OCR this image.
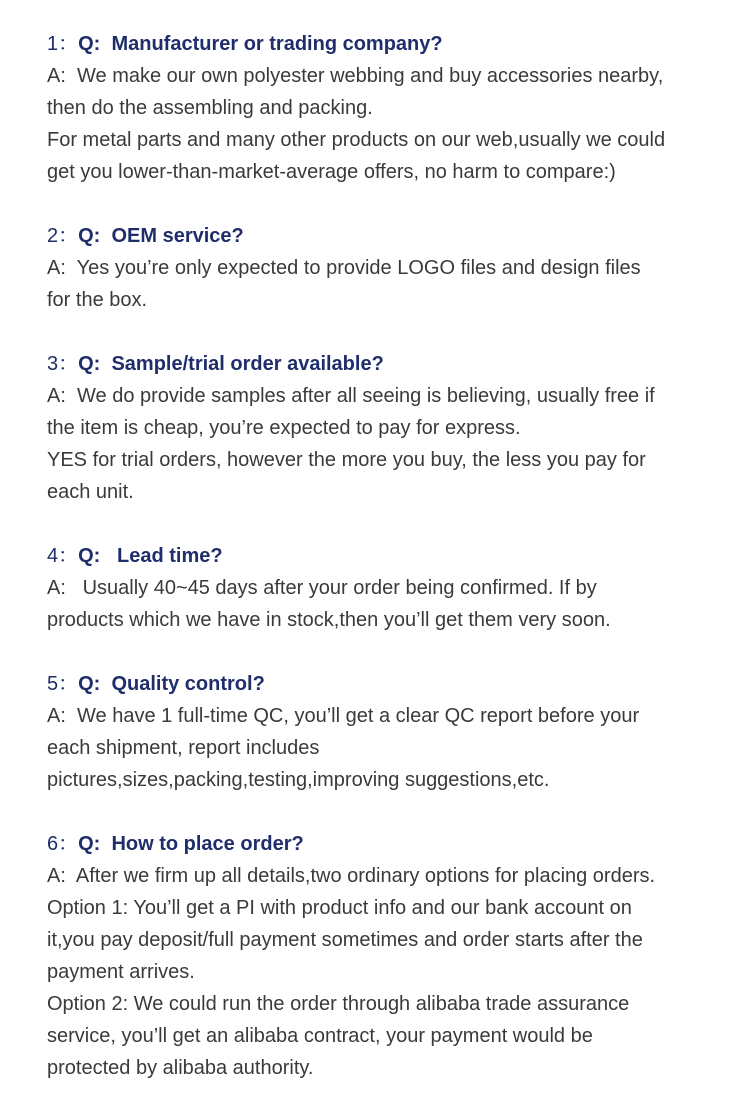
1：Q:  Manufacturer or trading company?
A:  We make our own polyester webbing and buy accessories nearby,
then do the assembling and packing.
For metal parts and many other products on our web,usually we could
get you lower-than-market-average offers, no harm to compare:)
2：Q:  OEM service?
A:  Yes you’re only expected to provide LOGO files and design files
for the box.
3：Q:  Sample/trial order available?
A:  We do provide samples after all seeing is believing, usually free if
the item is cheap, you’re expected to pay for express.
YES for trial orders, however the more you buy, the less you pay for
each unit.
4：Q:   Lead time?
A:   Usually 40~45 days after your order being confirmed. If by
products which we have in stock,then you’ll get them very soon.
5：Q:  Quality control?
A:  We have 1 full-time QC, you’ll get a clear QC report before your
each shipment, report includes
pictures,sizes,packing,testing,improving suggestions,etc.
6：Q:  How to place order?
A:  After we firm up all details,two ordinary options for placing orders.
Option 1: You’ll get a PI with product info and our bank account on
it,you pay deposit/full payment sometimes and order starts after the
payment arrives.
Option 2: We could run the order through alibaba trade assurance
service, you’ll get an alibaba contract, your payment would be
protected by alibaba authority.
